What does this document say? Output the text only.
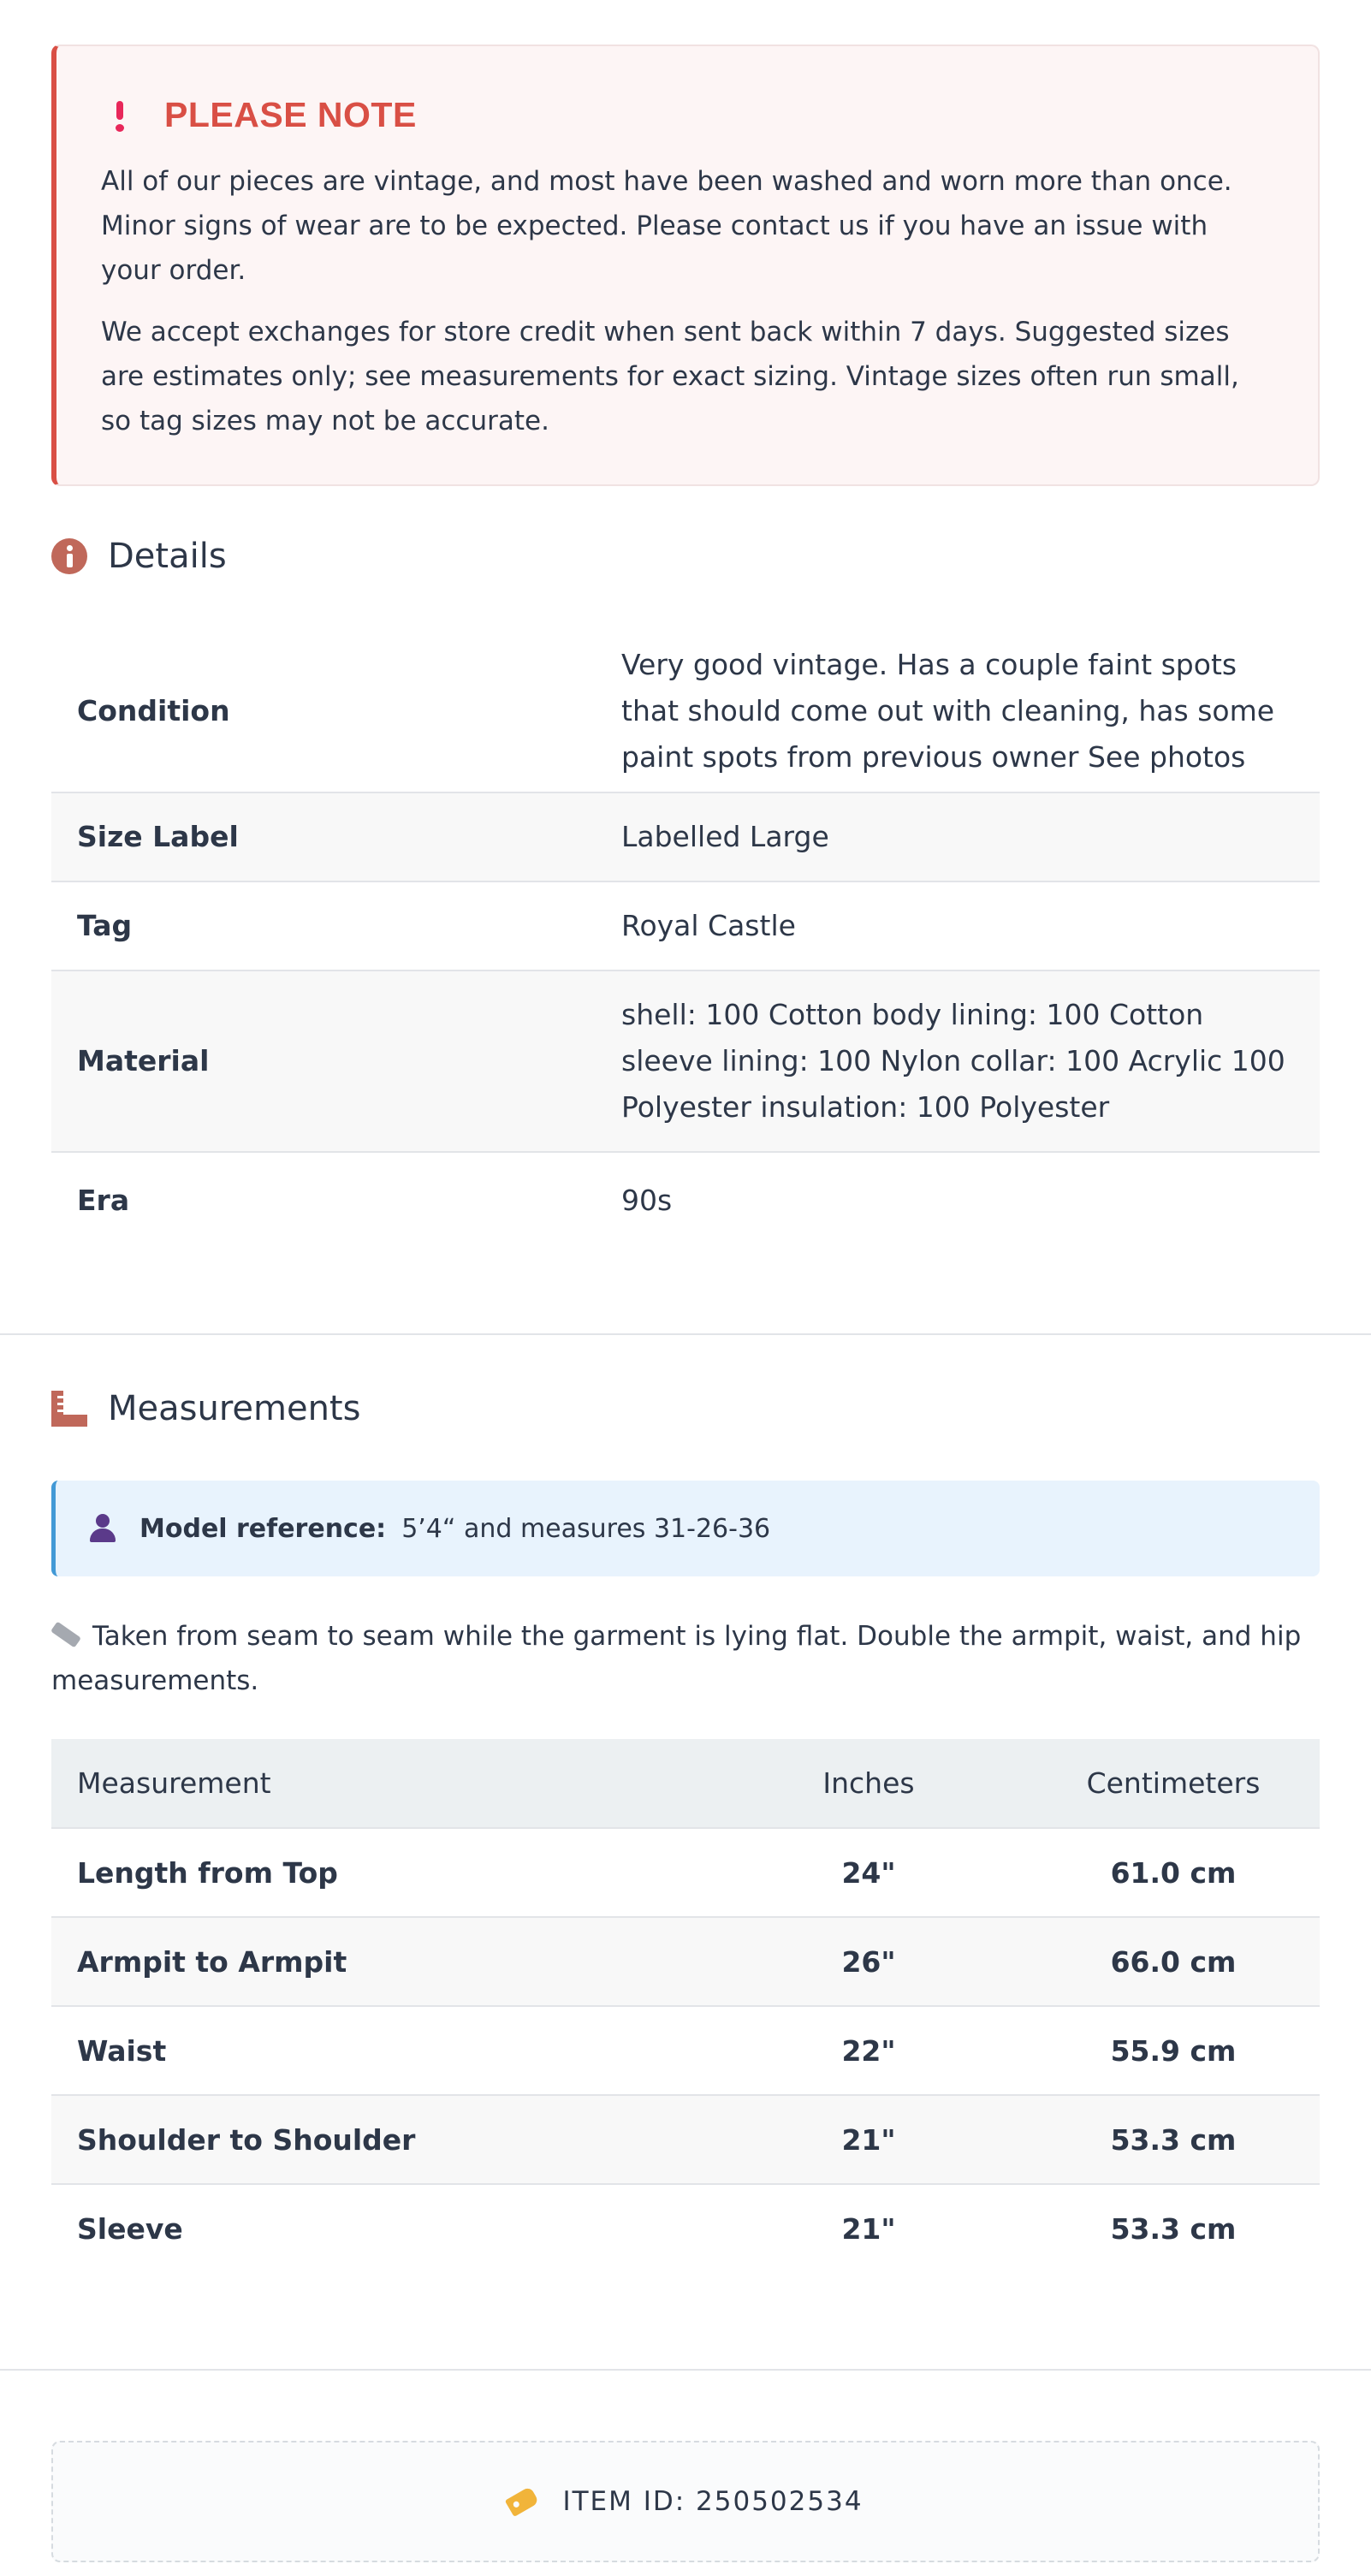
PLEASE NOTE

All of our pieces are vintage, and most have been washed and worn more than once. Minor signs of wear are to be expected. Please contact us if you have an issue with your order.

We accept exchanges for store credit when sent back within 7 days. Suggested sizes are estimates only; see measurements for exact sizing. Vintage sizes often run small, so tag sizes may not be accurate.

Details
Condition	Very good vintage. Has a couple faint spots that should come out with cleaning, has some paint spots from previous owner See photos
Size Label	Labelled Large
Tag	Royal Castle
Material	shell: 100 Cotton body lining: 100 Cotton sleeve lining: 100 Nylon collar: 100 Acrylic 100 Polyester insulation: 100 Polyester
Era	90s
Measurements
Model reference: 5’4“ and measures 31-26-36
Taken from seam to seam while the garment is lying flat. Double the armpit, waist, and hip measurements.
Measurement	Inches	Centimeters
Length from Top	24"	61.0 cm
Armpit to Armpit	26"	66.0 cm
Waist	22"	55.9 cm
Shoulder to Shoulder	21"	53.3 cm
Sleeve	21"	53.3 cm
ITEM ID: 250502534
